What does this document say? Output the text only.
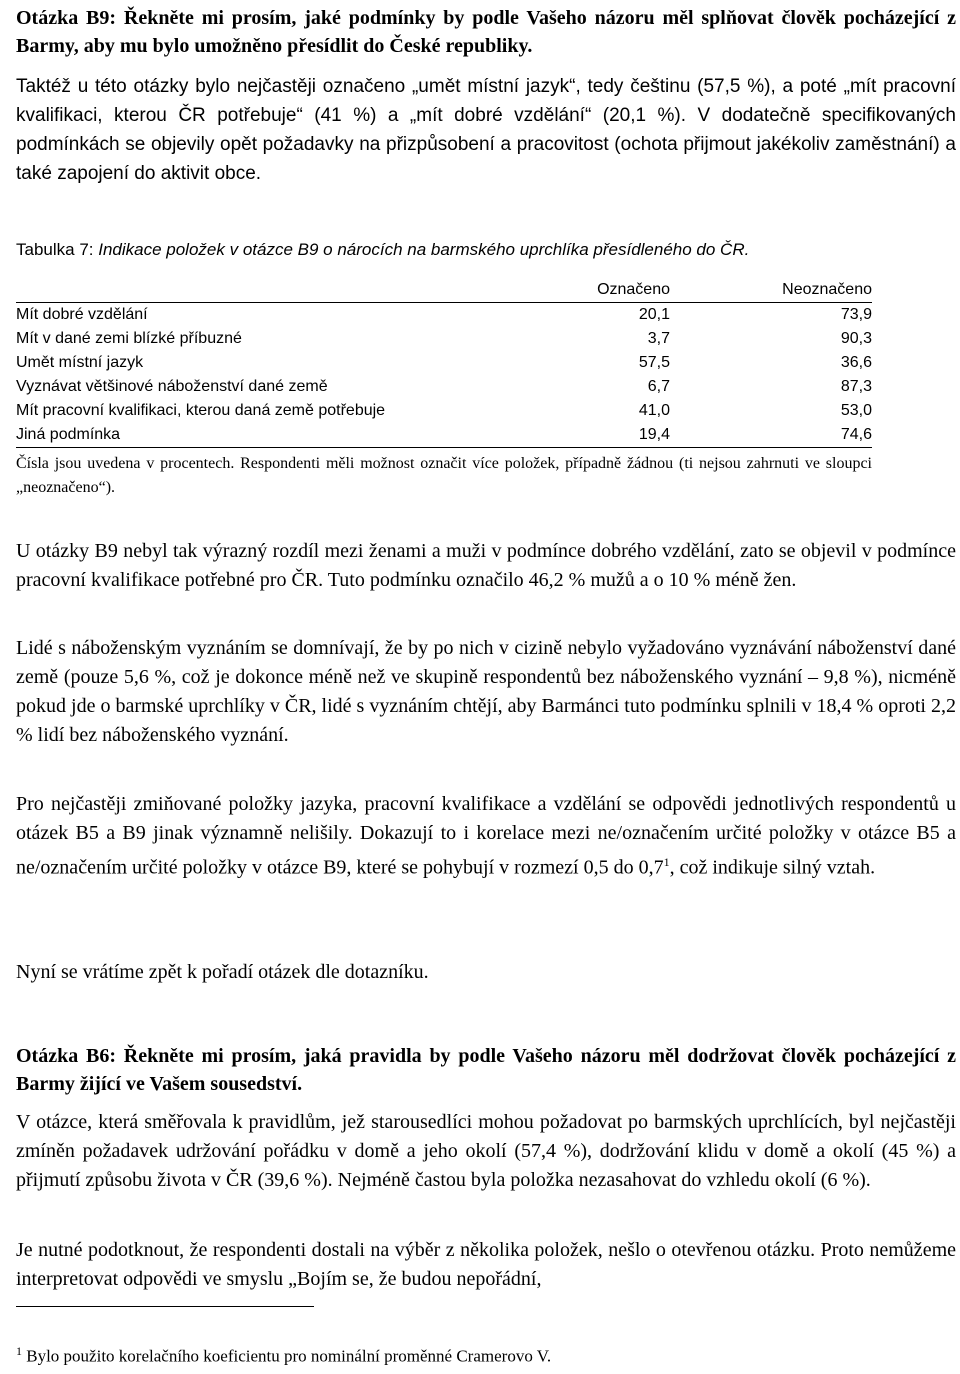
Otázka B9: Řekněte mi prosím, jaké podmínky by podle Vašeho názoru měl splňovat člověk pocházející z Barmy, aby mu bylo umožněno přesídlit do České republiky.

Taktéž u této otázky bylo nejčastěji označeno „umět místní jazyk“, tedy češtinu (57,5 %), a poté „mít pracovní kvalifikaci, kterou ČR potřebuje“ (41 %) a „mít dobré vzdělání“ (20,1 %). V dodatečně specifikovaných podmínkách se objevily opět požadavky na přizpůsobení a pracovitost (ochota přijmout jakékoliv zaměstnání) a také zapojení do aktivit obce.

Tabulka 7: Indikace položek v otázce B9 o nárocích na barmského uprchlíka přesídleného do ČR.
	Označeno	Neoznačeno
Mít dobré vzdělání	20,1	73,9
Mít v dané zemi blízké příbuzné	3,7	90,3
Umět místní jazyk	57,5	36,6
Vyznávat většinové náboženství dané země	6,7	87,3
Mít pracovní kvalifikaci, kterou daná země potřebuje	41,0	53,0
Jiná podmínka	19,4	74,6

Čísla jsou uvedena v procentech. Respondenti měli možnost označit více položek, případně žádnou (ti nejsou zahrnuti ve sloupci „neoznačeno“).

U otázky B9 nebyl tak výrazný rozdíl mezi ženami a muži v podmínce dobrého vzdělání, zato se objevil v podmínce pracovní kvalifikace potřebné pro ČR. Tuto podmínku označilo 46,2 % mužů a o 10 % méně žen.

Lidé s náboženským vyznáním se domnívají, že by po nich v cizině nebylo vyžadováno vyznávání náboženství dané země (pouze 5,6 %, což je dokonce méně než ve skupině respondentů bez náboženského vyznání – 9,8 %), nicméně pokud jde o barmské uprchlíky v ČR, lidé s vyznáním chtějí, aby Barmánci tuto podmínku splnili v 18,4 % oproti 2,2 % lidí bez náboženského vyznání.

Pro nejčastěji zmiňované položky jazyka, pracovní kvalifikace a vzdělání se odpovědi jednotlivých respondentů u otázek B5 a B9 jinak významně nelišily. Dokazují to i korelace mezi ne/označením určité položky v otázce B5 a ne/označením určité položky v otázce B9, které se pohybují v rozmezí 0,5 do $0,7^1$, což indikuje silný vztah.

Nyní se vrátíme zpět k pořadí otázek dle dotazníku.

Otázka B6: Řekněte mi prosím, jaká pravidla by podle Vašeho názoru měl dodržovat člověk pocházející z Barmy žijící ve Vašem sousedství.

V otázce, která směřovala k pravidlům, jež starousedlíci mohou požadovat po barmských uprchlících, byl nejčastěji zmíněn požadavek udržování pořádku v domě a jeho okolí (57,4 %), dodržování klidu v domě a okolí (45 %) a přijmutí způsobu života v ČR (39,6 %). Nejméně častou byla položka nezasahovat do vzhledu okolí (6 %).

Je nutné podotknout, že respondenti dostali na výběr z několika položek, nešlo o otevřenou otázku. Proto nemůžeme interpretovat odpovědi ve smyslu „Bojím se, že budou nepořádní,

$^1$ Bylo použito korelačního koeficientu pro nominální proměnné Cramerovo V.
